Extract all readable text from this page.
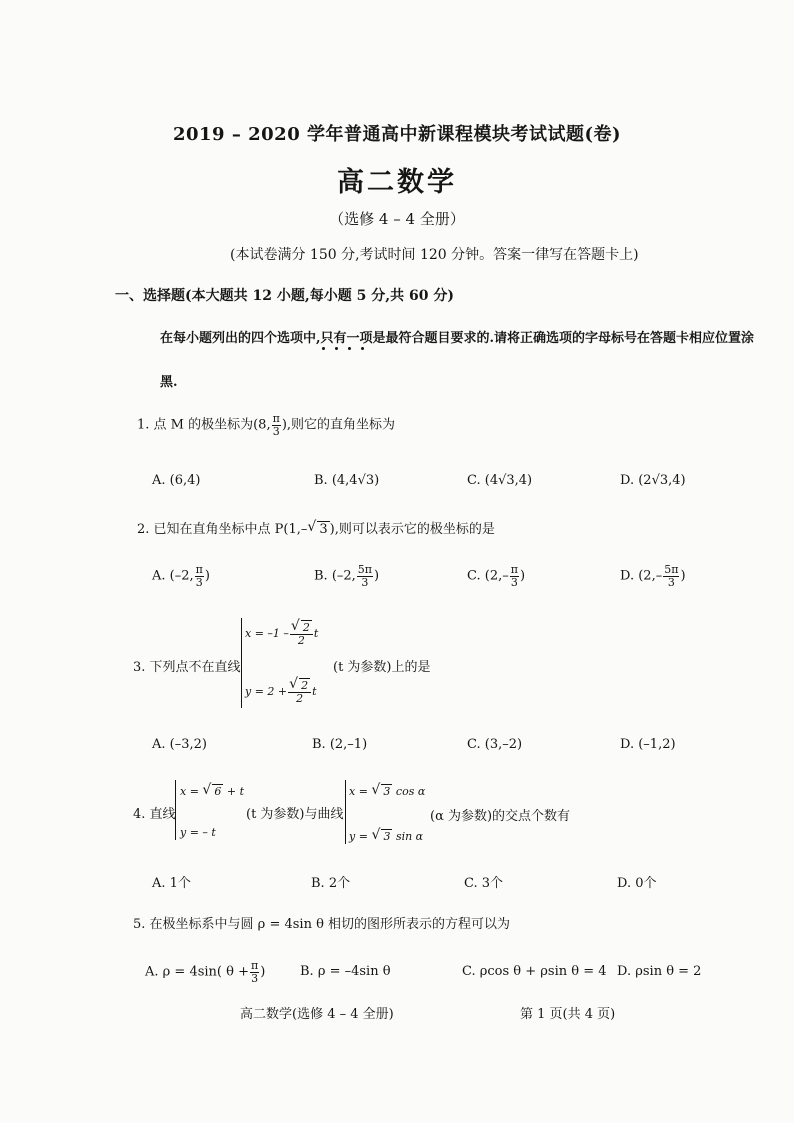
2019 – 2020 学年普通高中新课程模块考试试题(卷)
高二数学
（选修 4 – 4 全册）
(本试卷满分 150 分,考试时间 120 分钟。答案一律写在答题卡上)
一、选择题(本大题共 12 小题,每小题 5 分,共 60 分)
在每小题列出的四个选项中,只有一项是最符合题目要求的.请将正确选项的字母标号在答题卡相应位置涂
黑.
1. 点 M 的极坐标为(8, $\frac{\pi}{3}$ ),则它的直角坐标为
A. (6,4)	B. (4,4√3)	C. (4√3,4)	D. (2√3,4)
2. 已知在直角坐标中点 P(1,– √ 3 ),则可以表示它的极坐标的是
A. (–2, $\frac{\pi}{3}$ )	B. (–2, $\frac{5\pi}{3}$ )	C. ($2,- \frac{\pi}{3}$ )	D. ($2,- \frac{5\pi}{3}$ )
3. 下列点不在直线
x = –1 – √ $\frac{2}{2}$ t
y = 2 + √ $\frac{2}{2}$ t
(t 为参数)上的是
A. (–3,2)	B. (2,–1)	C. (3,–2)	D. (–1,2)
4. 直线
x = √ 6 + t
y = – t
(t 为参数)与曲线
x = √ 3 cos α
y = √ 3 sin α
(α 为参数)的交点个数有
A. 1个	B. 2个	C. 3个	D. 0个
5. 在极坐标系中与圆 ρ = 4sin θ 相切的图形所表示的方程可以为
A. ρ = 4sin( $\theta + \frac{\pi}{3}$ )	B. ρ = –4sin θ	C. ρcos θ + ρsin θ = 4 D. ρsin θ = 2
高二数学(选修 4 – 4 全册)	第 1 页(共 4 页)
